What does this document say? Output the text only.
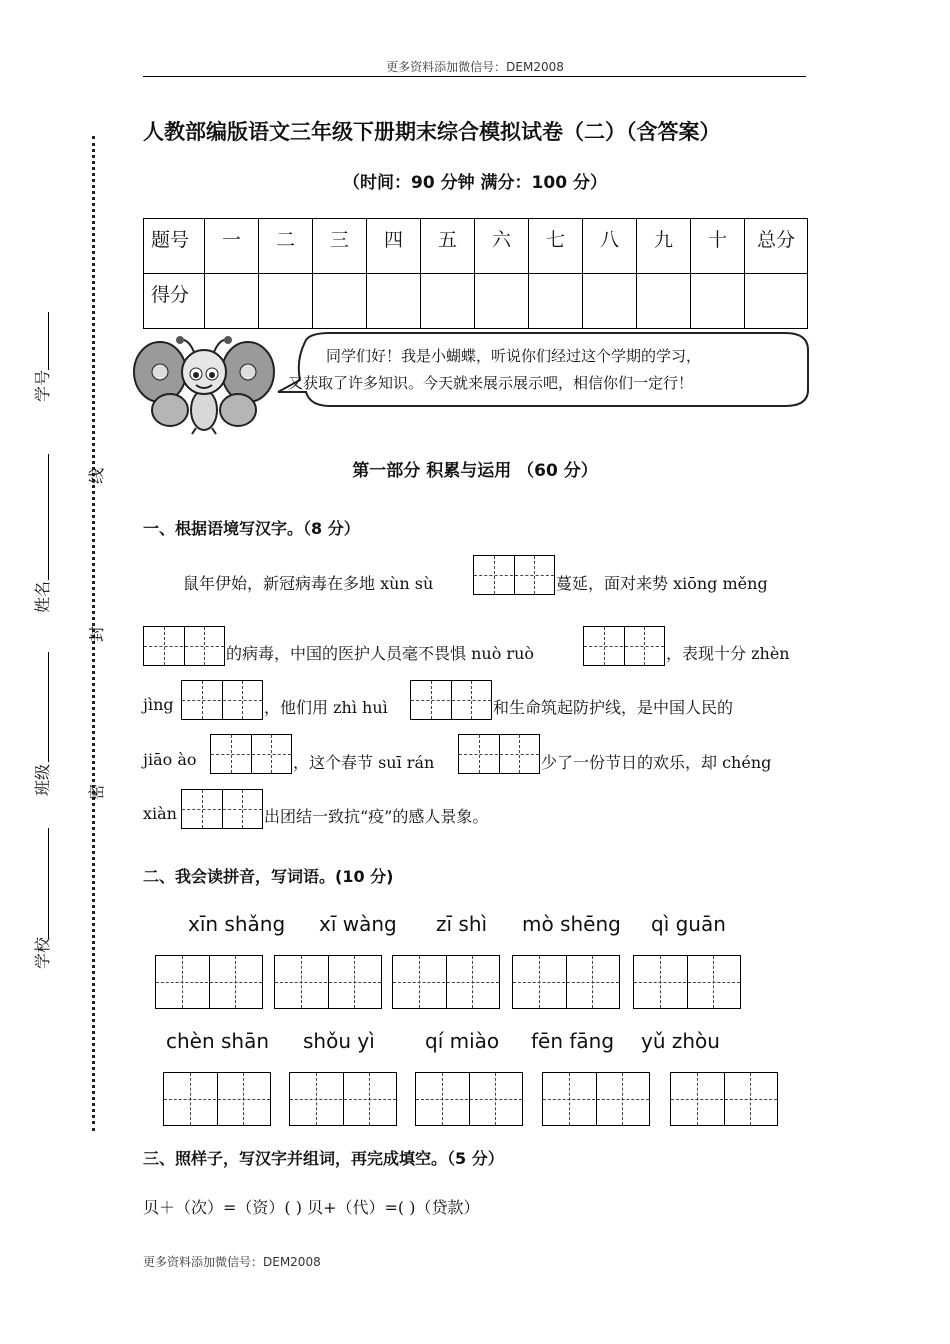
更多资料添加微信号：DEM2008
学号
姓名
班级
学校
线
封
密
人教部编版语文三年级下册期末综合模拟试卷（二）（含答案）
（时间：90 分钟 满分：100 分）
题号	一	二	三	四	五	六	七	八	九	十	总分
得分											
同学们好！我是小蝴蝶，听说你们经过这个学期的学习，
又获取了许多知识。今天就来展示展示吧，相信你们一定行！
第一部分 积累与运用 （60 分）
一、根据语境写汉字。（8 分）
鼠年伊始，新冠病毒在多地 xùn sù	蔓延，面对来势 xiōng měng
的病毒，中国的医护人员毫不畏惧 nuò ruò	，表现十分 zhèn
jìng	，他们用 zhì huì	和生命筑起防护线，是中国人民的
jiāo ào	，这个春节 suī rán	少了一份节日的欢乐，却 chéng
xiàn	出团结一致抗“疫”的感人景象。
二、我会读拼音，写词语。(10 分)
xīn shǎng xī wàng zī shì mò shēng qì guān
chèn shān shǒu yì	qí miào fēn fāng yǔ zhòu
三、照样子，写汉字并组词，再完成填空。（5 分）
贝＋（次）=（资）( ) 贝+（代）=( )（贷款）
更多资料添加微信号：DEM2008
